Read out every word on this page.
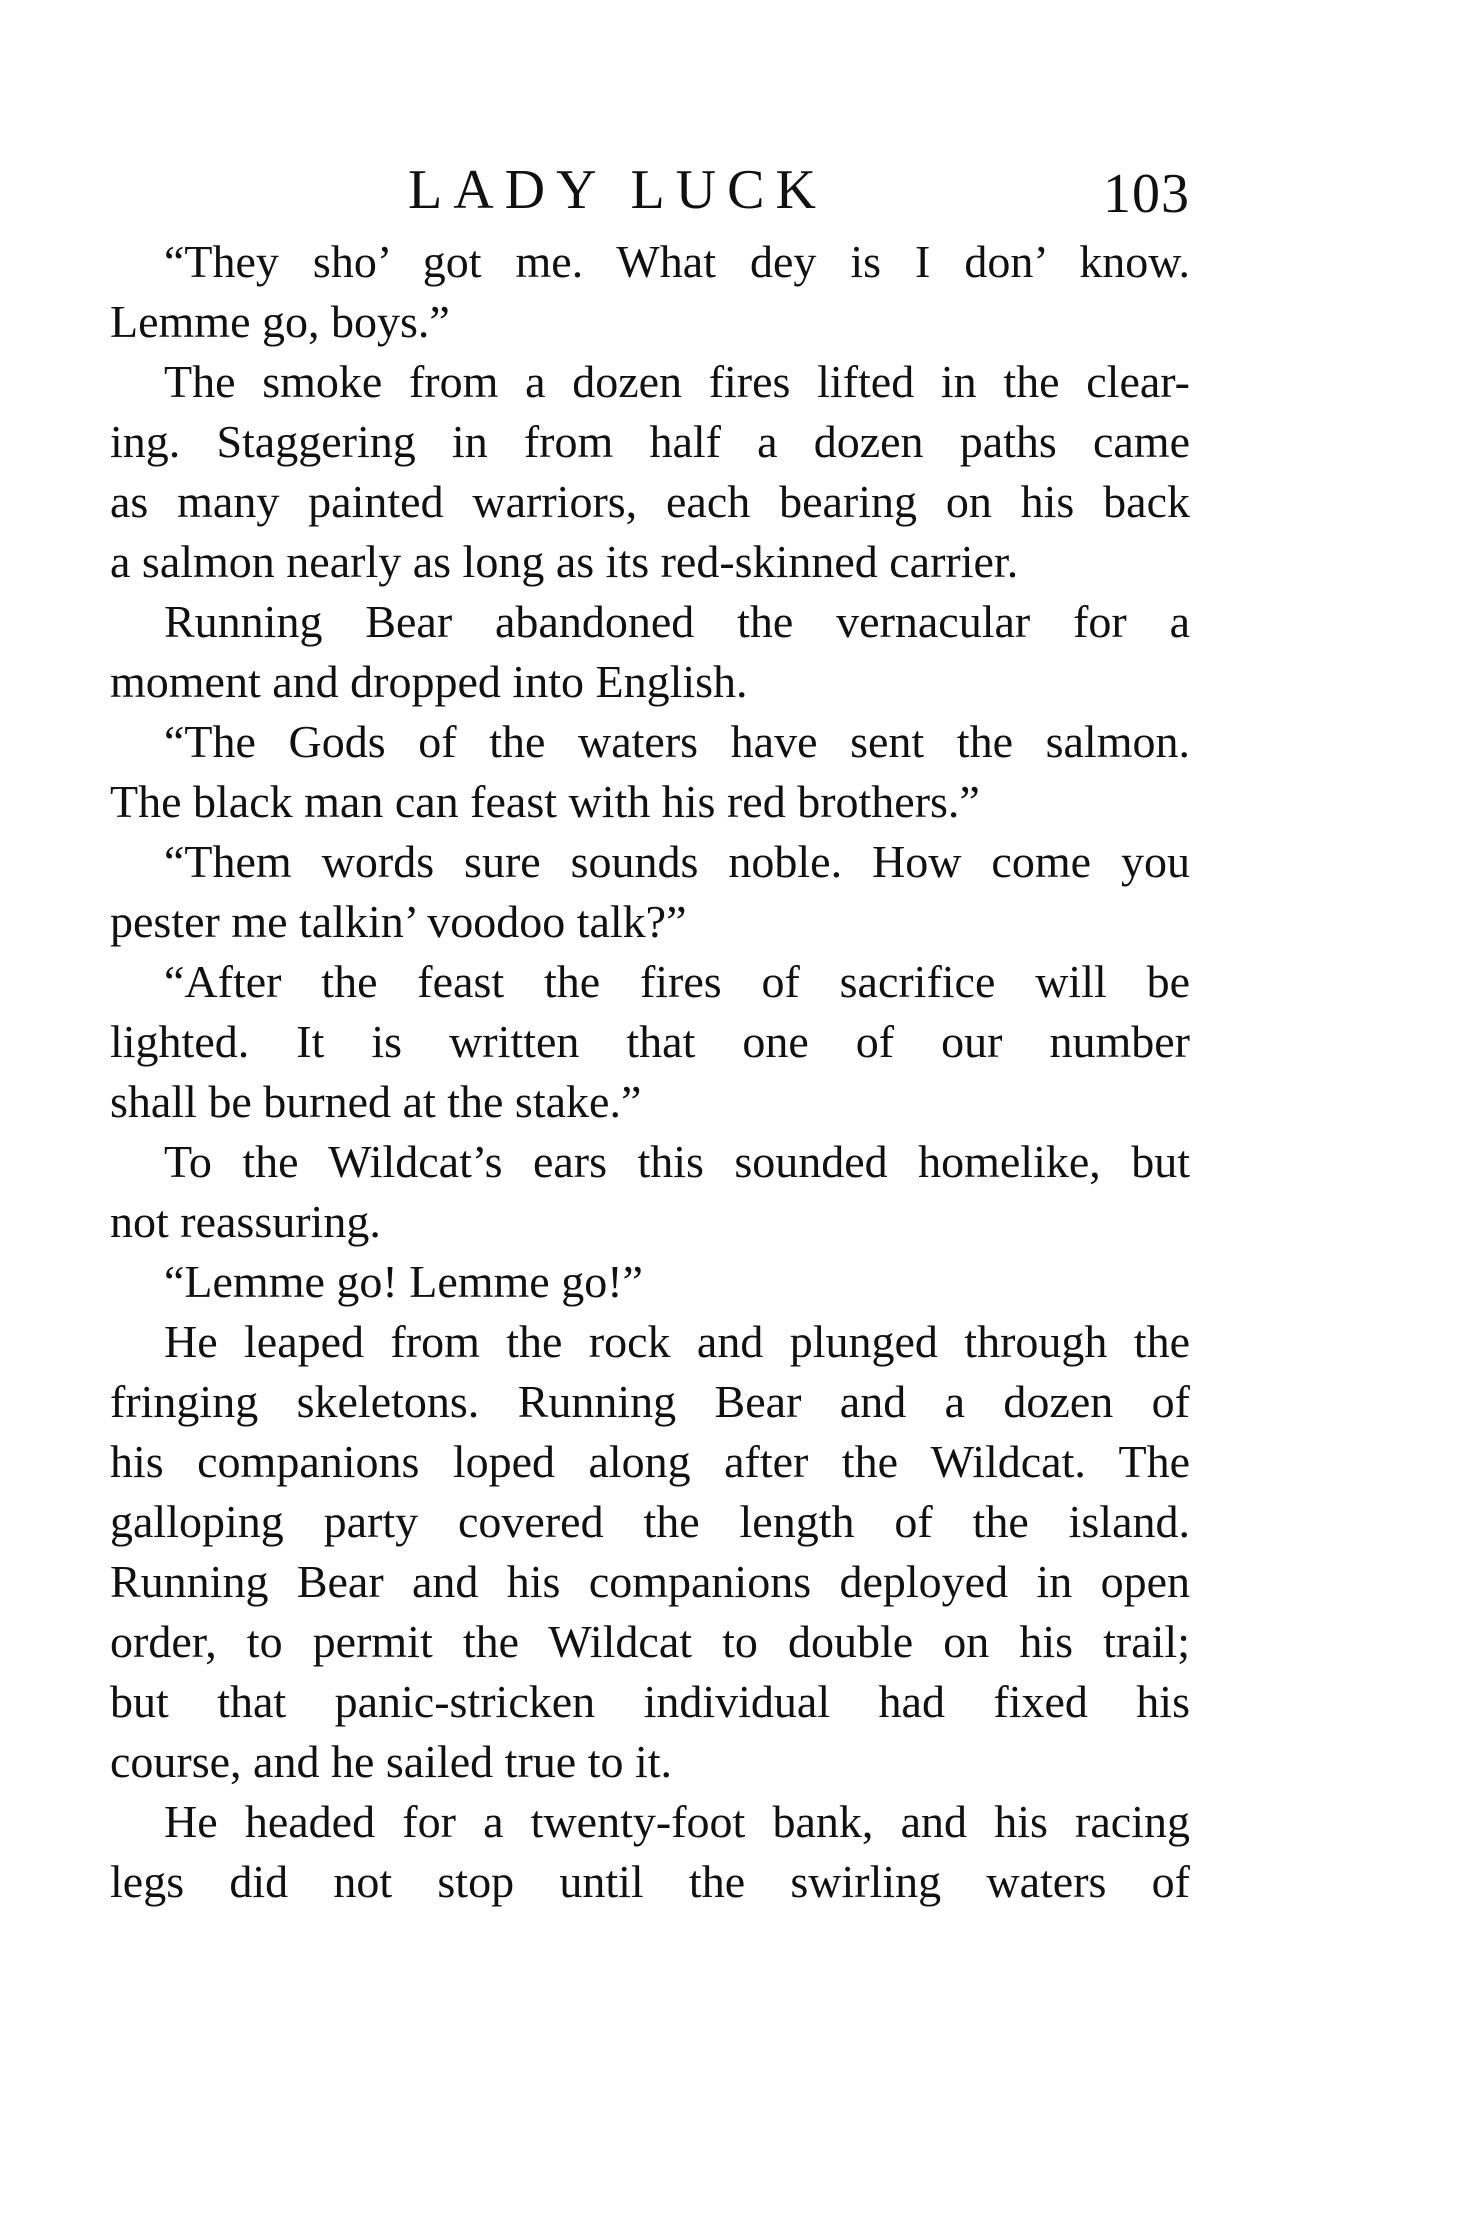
LADY LUCK	103
“They sho’ got me. What dey is I don’ know.
Lemme go, boys.”
The smoke from a dozen fires lifted in the clear-
ing. Staggering in from half a dozen paths came
as many painted warriors, each bearing on his back
a salmon nearly as long as its red-skinned carrier.
Running Bear abandoned the vernacular for a
moment and dropped into English.
“The Gods of the waters have sent the salmon.
The black man can feast with his red brothers.”
“Them words sure sounds noble. How come you
pester me talkin’ voodoo talk?”
“After the feast the fires of sacrifice will be
lighted. It is written that one of our number
shall be burned at the stake.”
To the Wildcat’s ears this sounded homelike, but
not reassuring.
“Lemme go! Lemme go!”
He leaped from the rock and plunged through the
fringing skeletons. Running Bear and a dozen of
his companions loped along after the Wildcat. The
galloping party covered the length of the island.
Running Bear and his companions deployed in open
order, to permit the Wildcat to double on his trail;
but that panic-stricken individual had fixed his
course, and he sailed true to it.
He headed for a twenty-foot bank, and his racing
legs did not stop until the swirling waters of
